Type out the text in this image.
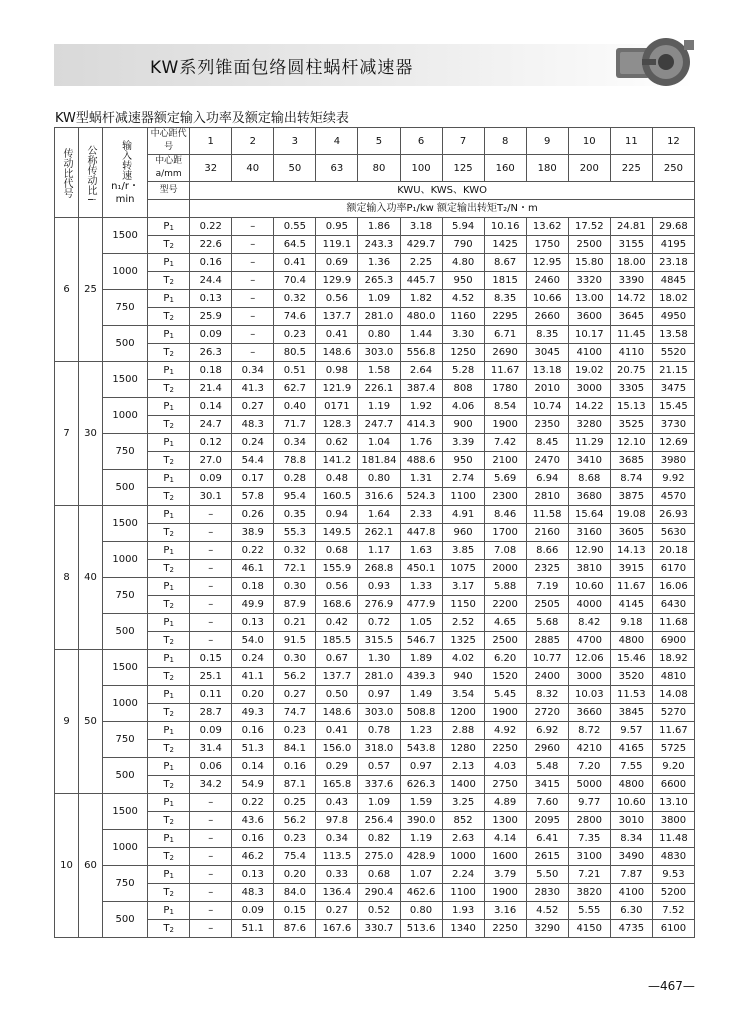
KW系列锥面包络圆柱蜗杆减速器
KW型蜗杆减速器额定输入功率及额定输出转矩续表
传动比代号	公称传动比 i	输入转速
n₁/r・min	中心距代号	1	2	3	4	5	6	7	8	9	10	11	12
			中心距 a/mm	32	40	50	63	80	100	125	160	180	200	225	250
			型号	KWU、KWS、KWO											
				额定输入功率P₁/kw 额定输出转矩T₂/N・m											
6	25	1500	P1	0.22	–	0.55	0.95	1.86	3.18	5.94	10.16	13.62	17.52	24.81	29.68
			T2	22.6	–	64.5	119.1	243.3	429.7	790	1425	1750	2500	3155	4195
		1000	P1	0.16	–	0.41	0.69	1.36	2.25	4.80	8.67	12.95	15.80	18.00	23.18
			T2	24.4	–	70.4	129.9	265.3	445.7	950	1815	2460	3320	3390	4845
		750	P1	0.13	–	0.32	0.56	1.09	1.82	4.52	8.35	10.66	13.00	14.72	18.02
			T2	25.9	–	74.6	137.7	281.0	480.0	1160	2295	2660	3600	3645	4950
		500	P1	0.09	–	0.23	0.41	0.80	1.44	3.30	6.71	8.35	10.17	11.45	13.58
			T2	26.3	–	80.5	148.6	303.0	556.8	1250	2690	3045	4100	4110	5520
7	30	1500	P1	0.18	0.34	0.51	0.98	1.58	2.64	5.28	11.67	13.18	19.02	20.75	21.15
			T2	21.4	41.3	62.7	121.9	226.1	387.4	808	1780	2010	3000	3305	3475
		1000	P1	0.14	0.27	0.40	0171	1.19	1.92	4.06	8.54	10.74	14.22	15.13	15.45
			T2	24.7	48.3	71.7	128.3	247.7	414.3	900	1900	2350	3280	3525	3730
		750	P1	0.12	0.24	0.34	0.62	1.04	1.76	3.39	7.42	8.45	11.29	12.10	12.69
			T2	27.0	54.4	78.8	141.2	181.84	488.6	950	2100	2470	3410	3685	3980
		500	P1	0.09	0.17	0.28	0.48	0.80	1.31	2.74	5.69	6.94	8.68	8.74	9.92
			T2	30.1	57.8	95.4	160.5	316.6	524.3	1100	2300	2810	3680	3875	4570
8	40	1500	P1	–	0.26	0.35	0.94	1.64	2.33	4.91	8.46	11.58	15.64	19.08	26.93
			T2	–	38.9	55.3	149.5	262.1	447.8	960	1700	2160	3160	3605	5630
		1000	P1	–	0.22	0.32	0.68	1.17	1.63	3.85	7.08	8.66	12.90	14.13	20.18
			T2	–	46.1	72.1	155.9	268.8	450.1	1075	2000	2325	3810	3915	6170
		750	P1	–	0.18	0.30	0.56	0.93	1.33	3.17	5.88	7.19	10.60	11.67	16.06
			T2	–	49.9	87.9	168.6	276.9	477.9	1150	2200	2505	4000	4145	6430
		500	P1	–	0.13	0.21	0.42	0.72	1.05	2.52	4.65	5.68	8.42	9.18	11.68
			T2	–	54.0	91.5	185.5	315.5	546.7	1325	2500	2885	4700	4800	6900
9	50	1500	P1	0.15	0.24	0.30	0.67	1.30	1.89	4.02	6.20	10.77	12.06	15.46	18.92
			T2	25.1	41.1	56.2	137.7	281.0	439.3	940	1520	2400	3000	3520	4810
		1000	P1	0.11	0.20	0.27	0.50	0.97	1.49	3.54	5.45	8.32	10.03	11.53	14.08
			T2	28.7	49.3	74.7	148.6	303.0	508.8	1200	1900	2720	3660	3845	5270
		750	P1	0.09	0.16	0.23	0.41	0.78	1.23	2.88	4.92	6.92	8.72	9.57	11.67
			T2	31.4	51.3	84.1	156.0	318.0	543.8	1280	2250	2960	4210	4165	5725
		500	P1	0.06	0.14	0.16	0.29	0.57	0.97	2.13	4.03	5.48	7.20	7.55	9.20
			T2	34.2	54.9	87.1	165.8	337.6	626.3	1400	2750	3415	5000	4800	6600
10	60	1500	P1	–	0.22	0.25	0.43	1.09	1.59	3.25	4.89	7.60	9.77	10.60	13.10
			T2	–	43.6	56.2	97.8	256.4	390.0	852	1300	2095	2800	3010	3800
		1000	P1	–	0.16	0.23	0.34	0.82	1.19	2.63	4.14	6.41	7.35	8.34	11.48
			T2	–	46.2	75.4	113.5	275.0	428.9	1000	1600	2615	3100	3490	4830
		750	P1	–	0.13	0.20	0.33	0.68	1.07	2.24	3.79	5.50	7.21	7.87	9.53
			T2	–	48.3	84.0	136.4	290.4	462.6	1100	1900	2830	3820	4100	5200
		500	P1	–	0.09	0.15	0.27	0.52	0.80	1.93	3.16	4.52	5.55	6.30	7.52
			T2	–	51.1	87.6	167.6	330.7	513.6	1340	2250	3290	4150	4735	6100
—467—
